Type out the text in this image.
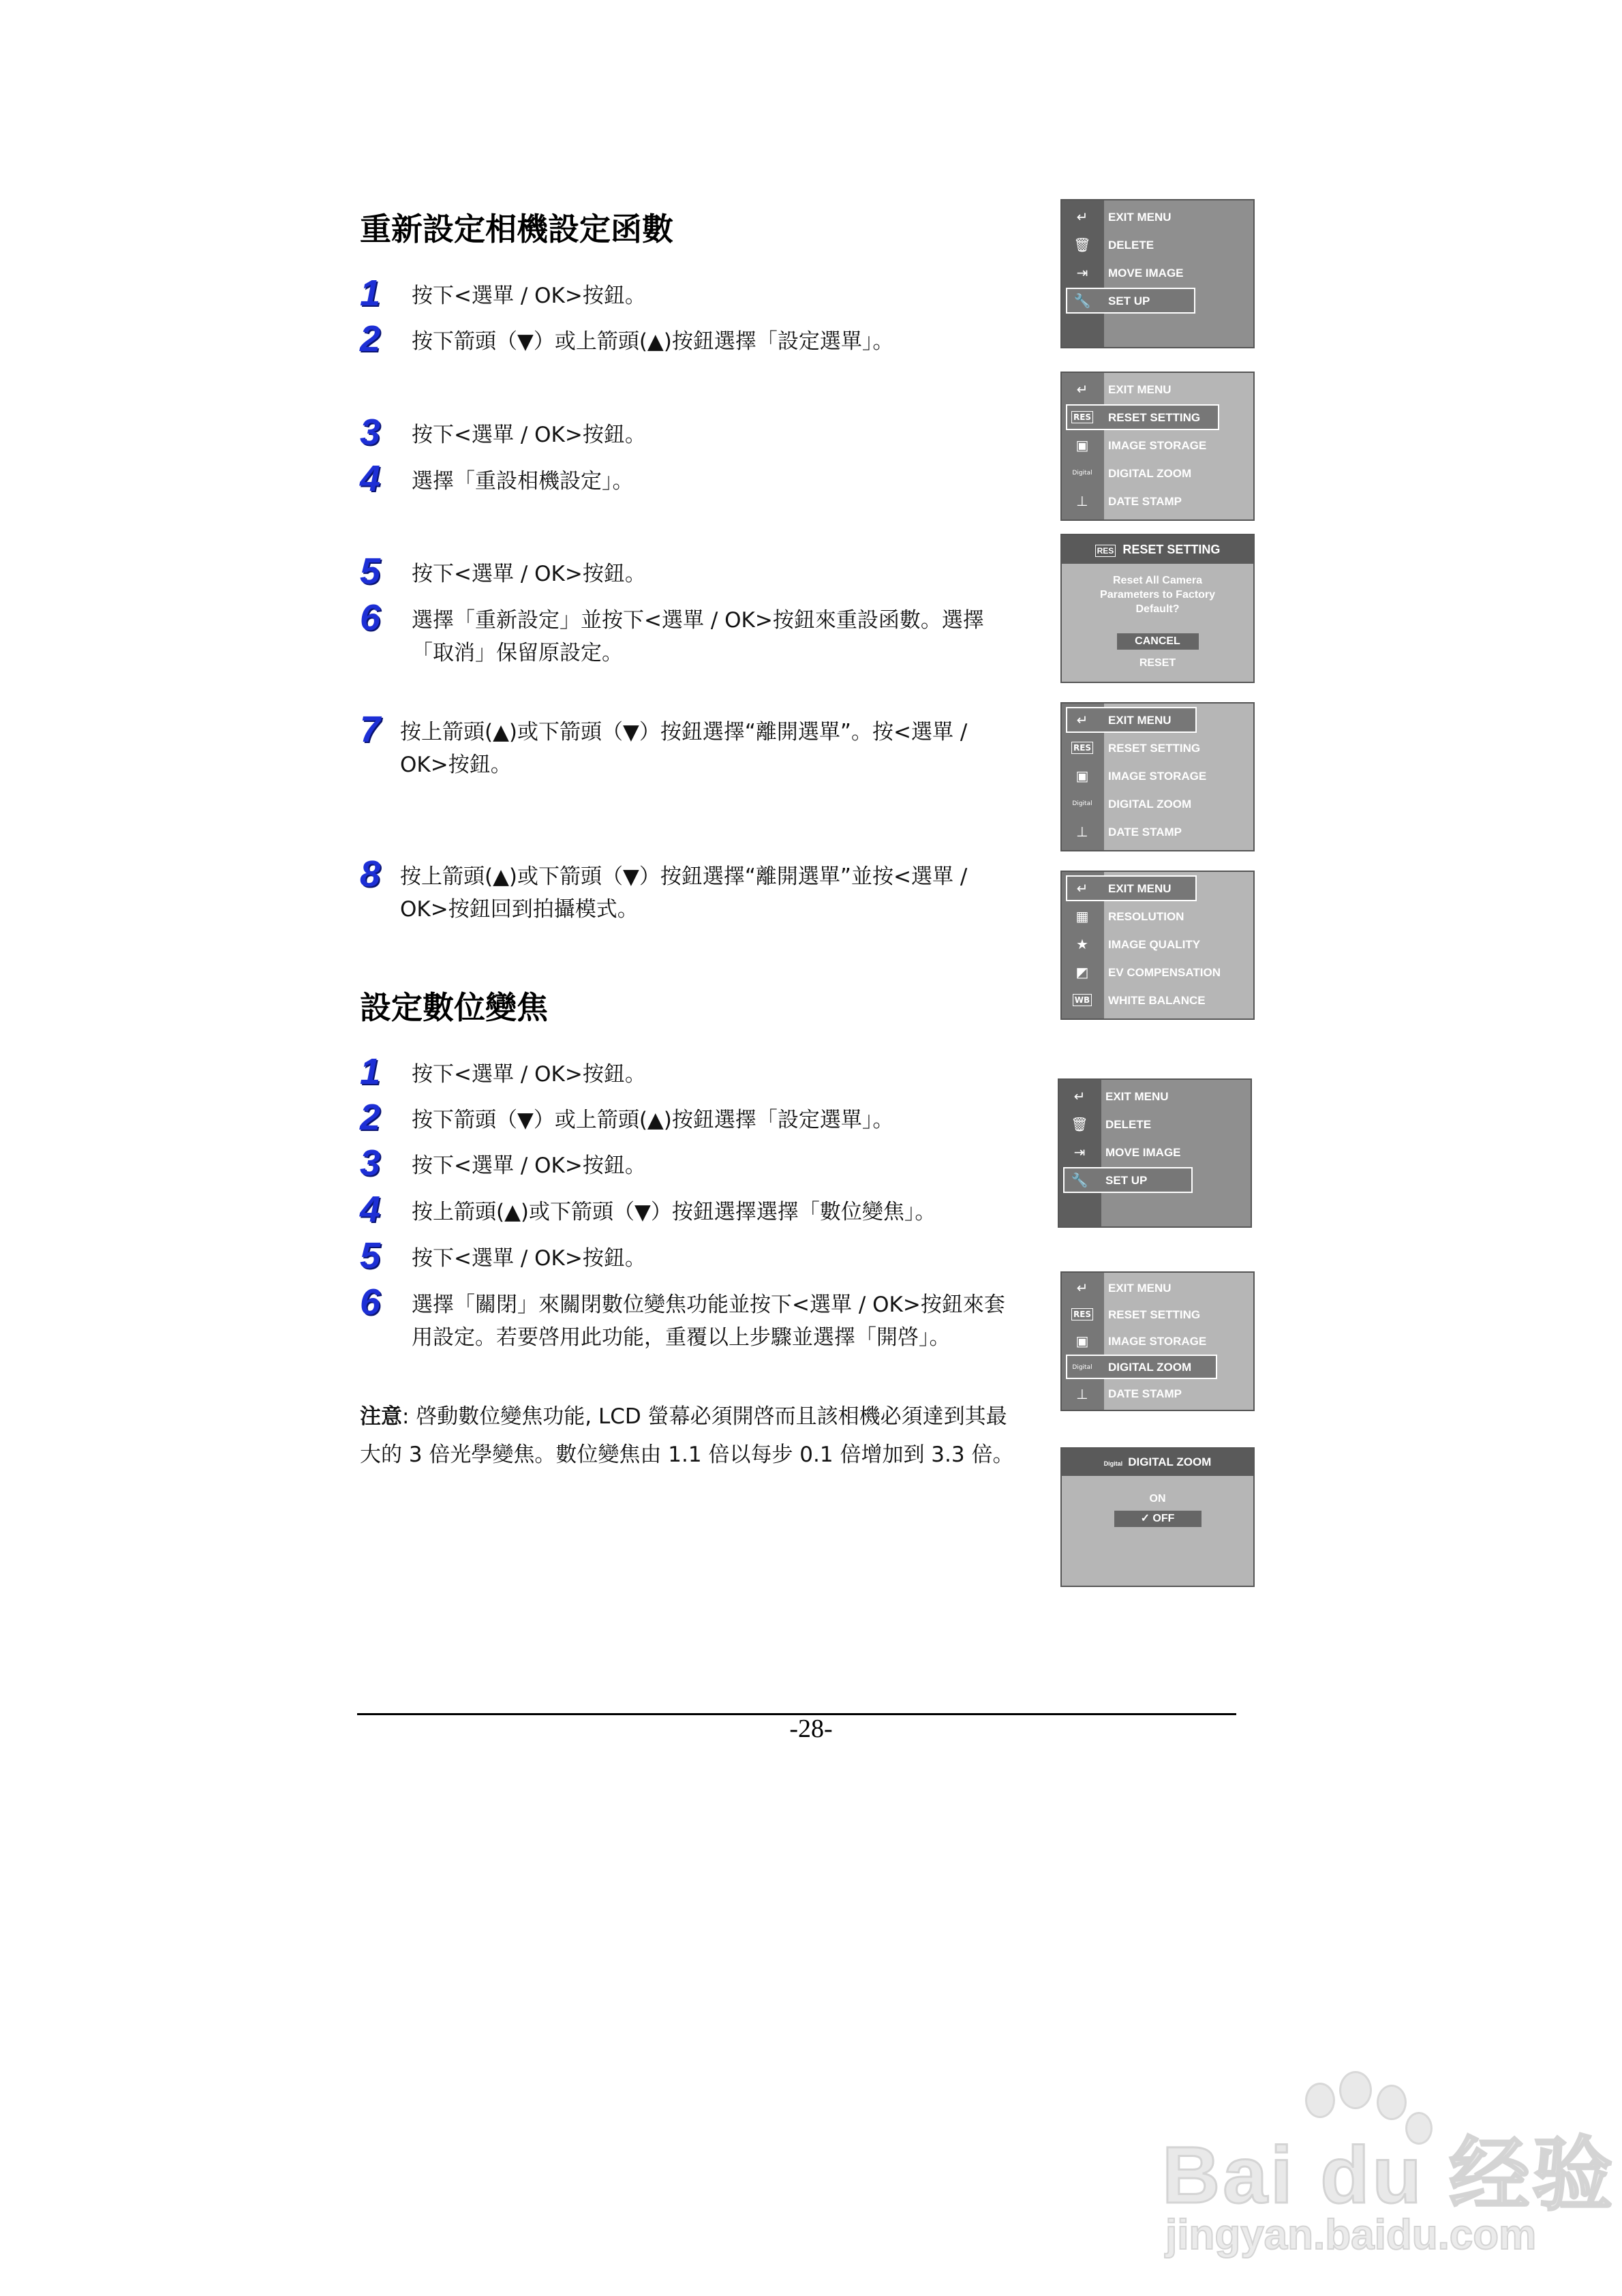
重新設定相機設定函數
1 按下<選單 / OK>按鈕。
2 按下箭頭（▼）或上箭頭(▲)按鈕選擇「設定選單」。
3 按下<選單 / OK>按鈕。
4 選擇「重設相機設定」。
5 按下<選單 / OK>按鈕。
6 選擇「重新設定」並按下<選單 / OK>按鈕來重設函數。選擇「取消」保留原設定。
7 按上箭頭(▲)或下箭頭（▼）按鈕選擇“離開選單”。按<選單 / OK>按鈕。
8 按上箭頭(▲)或下箭頭（▼）按鈕選擇“離開選單”並按<選單 / OK>按鈕回到拍攝模式。
設定數位變焦
1 按下<選單 / OK>按鈕。
2 按下箭頭（▼）或上箭頭(▲)按鈕選擇「設定選單」。
3 按下<選單 / OK>按鈕。
4 按上箭頭(▲)或下箭頭（▼）按鈕選擇選擇「數位變焦」。
5 按下<選單 / OK>按鈕。
6 選擇「關閉」來關閉數位變焦功能並按下<選單 / OK>按鈕來套用設定。若要啓用此功能，重覆以上步驟並選擇「開啓」。
注意: 啓動數位變焦功能, LCD 螢幕必須開啓而且該相機必須達到其最大的 3 倍光學變焦。數位變焦由 1.1 倍以每步 0.1 倍增加到 3.3 倍。
↵	EXIT MENU
🗑	DELETE
⇥	MOVE IMAGE
🔧	SET UP
↵	EXIT MENU
RES RESET SETTING
▣	IMAGE STORAGE
Digital	DIGITAL ZOOM
⊥	DATE STAMP
RES RESET SETTING
Reset All Camera
Parameters to Factory
Default?
CANCEL
RESET
↵	EXIT MENU
RES RESET SETTING
▣	IMAGE STORAGE
Digital	DIGITAL ZOOM
⊥	DATE STAMP
↵	EXIT MENU
▦	RESOLUTION
★	IMAGE QUALITY
◩	EV COMPENSATION
WB WHITE BALANCE
↵	EXIT MENU
🗑	DELETE
⇥	MOVE IMAGE
🔧	SET UP
↵	EXIT MENU
RES RESET SETTING
▣	IMAGE STORAGE
Digital	DIGITAL ZOOM
⊥	DATE STAMP
Digital DIGITAL ZOOM
ON
✓ OFF
-28-
Bai du 经验
jingyan.baidu.com
